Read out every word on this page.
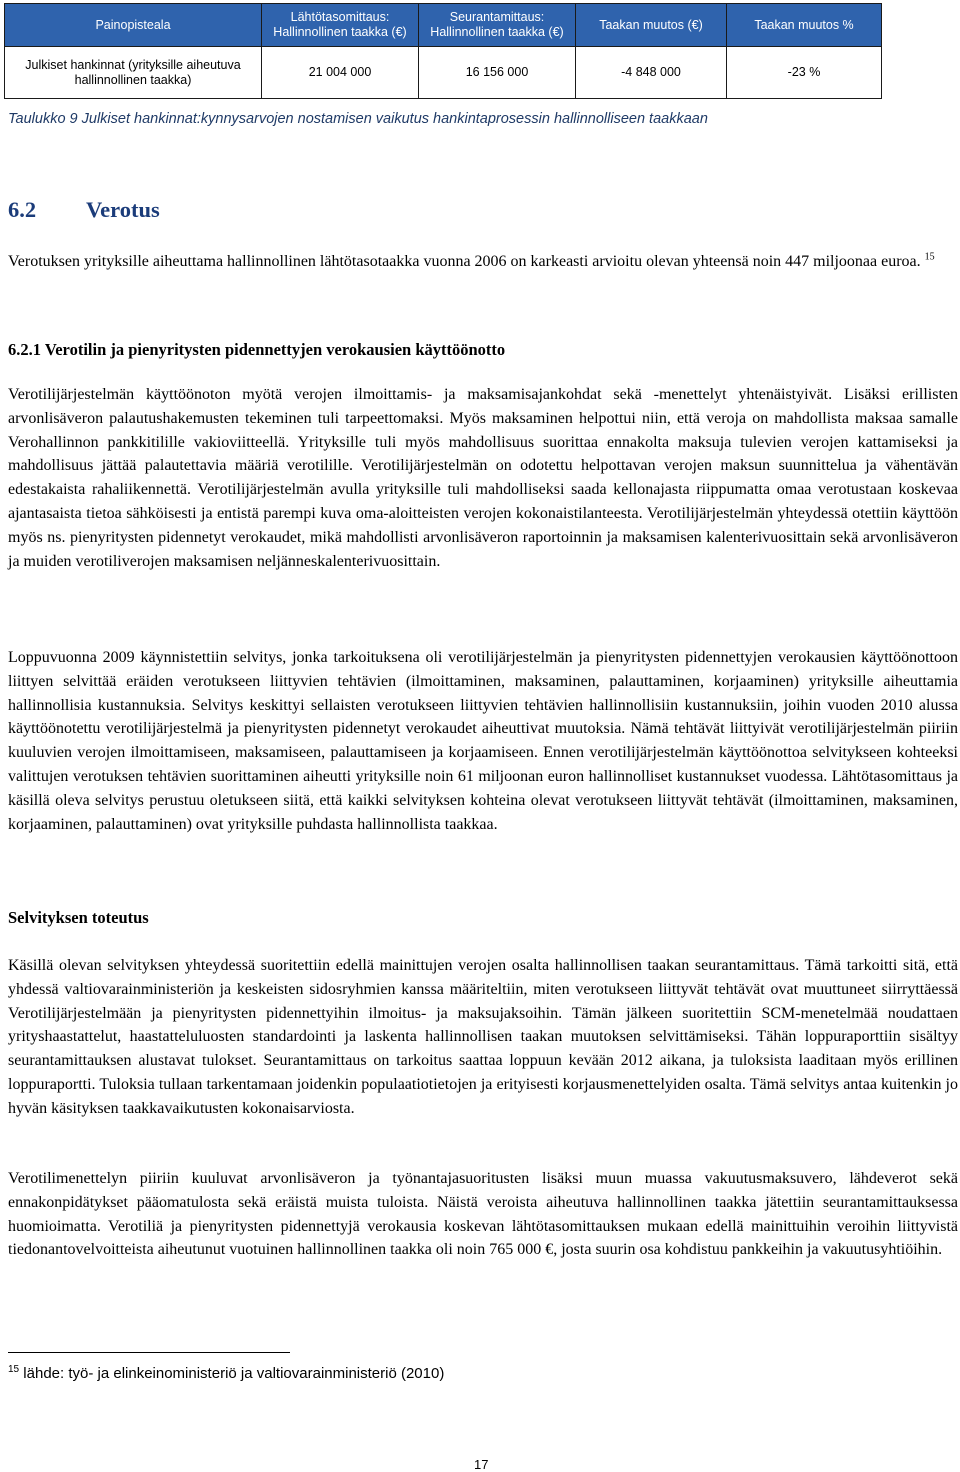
Painopisteala	Lähtötasomittaus: Hallinnollinen taakka (€)	Seurantamittaus: Hallinnollinen taakka (€)	Taakan muutos (€)	Taakan muutos %
Julkiset hankinnat (yrityksille aiheutuva hallinnollinen taakka)	21 004 000	16 156 000	-4 848 000	-23 %
Taulukko 9 Julkiset hankinnat:kynnysarvojen nostamisen vaikutus hankintaprosessin hallinnolliseen taakkaan
6.2 Verotus

Verotuksen yrityksille aiheuttama hallinnollinen lähtötasotaakka vuonna 2006 on karkeasti arvioitu olevan yhteensä noin 447 miljoonaa euroa. $^{15}$

6.2.1 Verotilin ja pienyritysten pidennettyjen verokausien käyttöönotto

Verotilijärjestelmän käyttöönoton myötä verojen ilmoittamis- ja maksamisajankohdat sekä -menettelyt yhtenäistyivät. Lisäksi erillisten arvonlisäveron palautushakemusten tekeminen tuli tarpeettomaksi. Myös maksaminen helpottui niin, että veroja on mahdollista maksaa samalle Verohallinnon pankkitilille vakioviitteellä. Yrityksille tuli myös mahdollisuus suorittaa ennakolta maksuja tulevien verojen kattamiseksi ja mahdollisuus jättää palautettavia määriä verotilille. Verotilijärjestelmän on odotettu helpottavan verojen maksun suunnittelua ja vähentävän edestakaista rahaliikennettä. Verotilijärjestelmän avulla yrityksille tuli mahdolliseksi saada kellonajasta riippumatta omaa verotustaan koskevaa ajantasaista tietoa sähköisesti ja entistä parempi kuva oma-aloitteisten verojen kokonaistilanteesta. Verotilijärjestelmän yhteydessä otettiin käyttöön myös ns. pienyritysten pidennetyt verokaudet, mikä mahdollisti arvonlisäveron raportoinnin ja maksamisen kalenterivuosittain sekä arvonlisäveron ja muiden verotiliverojen maksamisen neljänneskalenterivuosittain.

Loppuvuonna 2009 käynnistettiin selvitys, jonka tarkoituksena oli verotilijärjestelmän ja pienyritysten pidennettyjen verokausien käyttöönottoon liittyen selvittää eräiden verotukseen liittyvien tehtävien (ilmoittaminen, maksaminen, palauttaminen, korjaaminen) yrityksille aiheuttamia hallinnollisia kustannuksia. Selvitys keskittyi sellaisten verotukseen liittyvien tehtävien hallinnollisiin kustannuksiin, joihin vuoden 2010 alussa käyttöönotettu verotilijärjestelmä ja pienyritysten pidennetyt verokaudet aiheuttivat muutoksia. Nämä tehtävät liittyivät verotilijärjestelmän piiriin kuuluvien verojen ilmoittamiseen, maksamiseen, palauttamiseen ja korjaamiseen. Ennen verotilijärjestelmän käyttöönottoa selvitykseen kohteeksi valittujen verotuksen tehtävien suorittaminen aiheutti yrityksille noin 61 miljoonan euron hallinnolliset kustannukset vuodessa. Lähtötasomittaus ja käsillä oleva selvitys perustuu oletukseen siitä, että kaikki selvityksen kohteina olevat verotukseen liittyvät tehtävät (ilmoittaminen, maksaminen, korjaaminen, palauttaminen) ovat yrityksille puhdasta hallinnollista taakkaa.

Selvityksen toteutus

Käsillä olevan selvityksen yhteydessä suoritettiin edellä mainittujen verojen osalta hallinnollisen taakan seurantamittaus. Tämä tarkoitti sitä, että yhdessä valtiovarainministeriön ja keskeisten sidosryhmien kanssa määriteltiin, miten verotukseen liittyvät tehtävät ovat muuttuneet siirryttäessä Verotilijärjestelmään ja pienyritysten pidennettyihin ilmoitus- ja maksujaksoihin. Tämän jälkeen suoritettiin SCM-menetelmää noudattaen yrityshaastattelut, haastatteluluosten standardointi ja laskenta hallinnollisen taakan muutoksen selvittämiseksi. Tähän loppuraporttiin sisältyy seurantamittauksen alustavat tulokset. Seurantamittaus on tarkoitus saattaa loppuun kevään 2012 aikana, ja tuloksista laaditaan myös erillinen loppuraportti. Tuloksia tullaan tarkentamaan joidenkin populaatiotietojen ja erityisesti korjausmenettelyiden osalta. Tämä selvitys antaa kuitenkin jo hyvän käsityksen taakkavaikutusten kokonaisarviosta.

Verotilimenettelyn piiriin kuuluvat arvonlisäveron ja työnantajasuoritusten lisäksi muun muassa vakuutusmaksuvero, lähdeverot sekä ennakonpidätykset pääomatulosta sekä eräistä muista tuloista. Näistä veroista aiheutuva hallinnollinen taakka jätettiin seurantamittauksessa huomioimatta. Verotiliä ja pienyritysten pidennettyjä verokausia koskevan lähtötasomittauksen mukaan edellä mainittuihin veroihin liittyvistä tiedonantovelvoitteista aiheutunut vuotuinen hallinnollinen taakka oli noin 765 000 €, josta suurin osa kohdistuu pankkeihin ja vakuutusyhtiöihin.

$^{15}$ lähde: työ- ja elinkeinoministeriö ja valtiovarainministeriö (2010)
17
